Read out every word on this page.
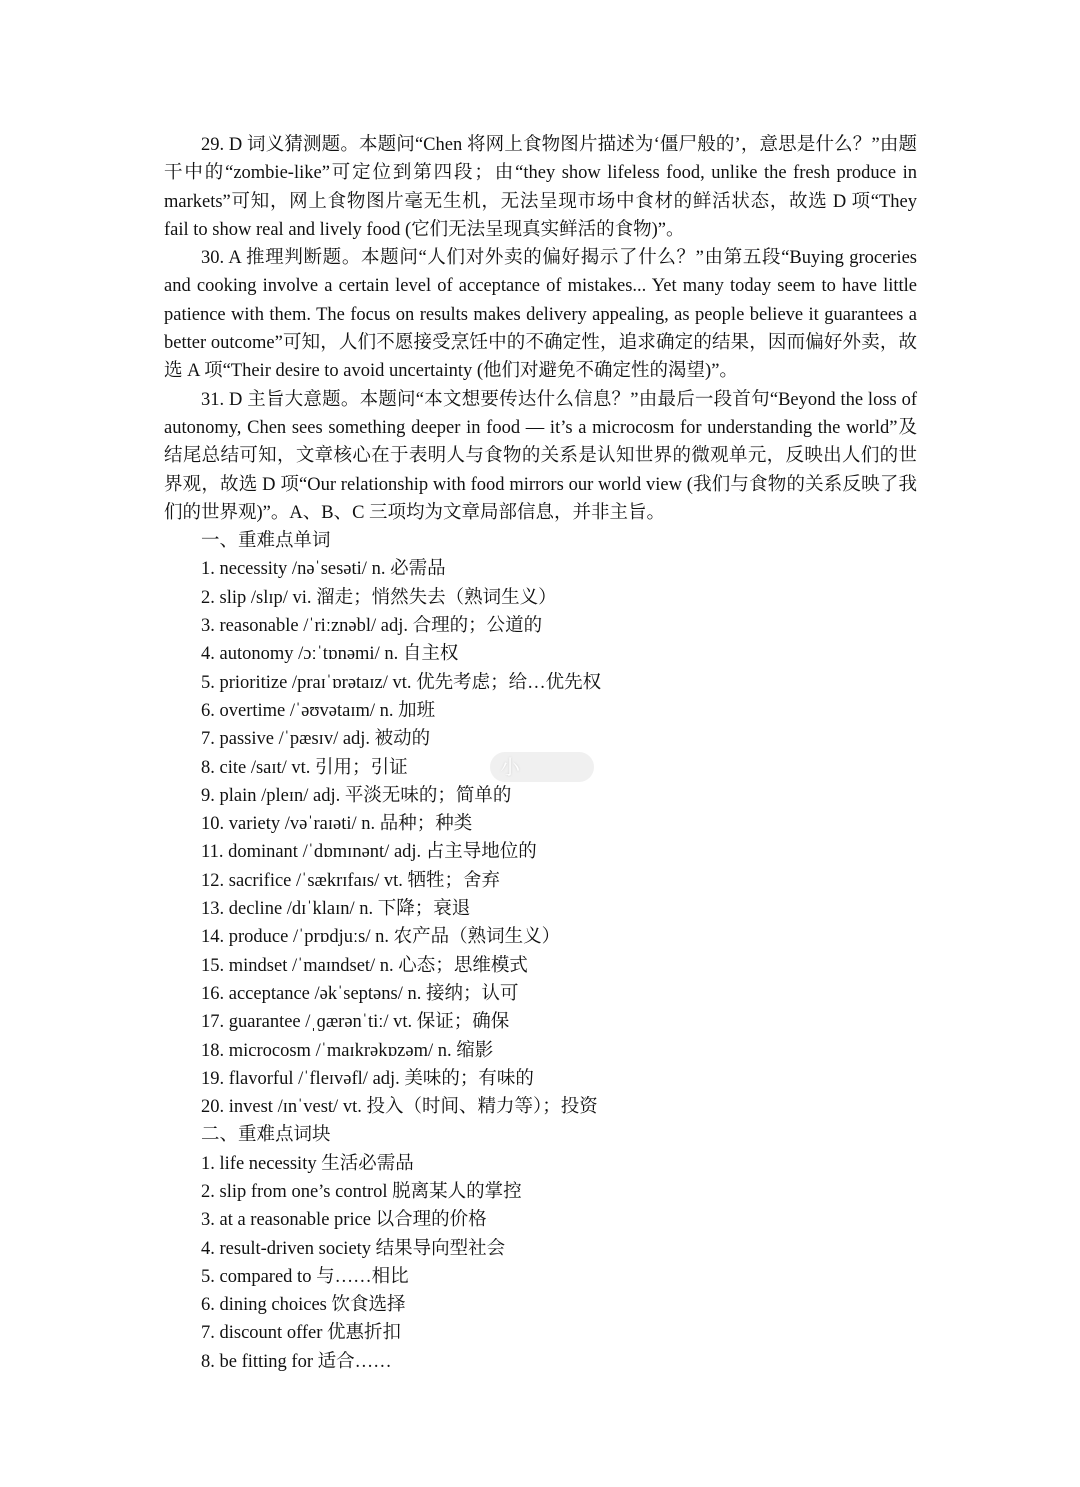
29. D 词义猜测题。本题问“Chen 将网上食物图片描述为‘僵尸般的’，意思是什么？”由题干中的“zombie-like”可定位到第四段；由“they show lifeless food, unlike the fresh produce in markets”可知，网上食物图片毫无生机，无法呈现市场中食材的鲜活状态，故选 D 项“They fail to show real and lively food (它们无法呈现真实鲜活的食物)”。

30. A 推理判断题。本题问“人们对外卖的偏好揭示了什么？”由第五段“Buying groceries and cooking involve a certain level of acceptance of mistakes... Yet many today seem to have little patience with them. The focus on results makes delivery appealing, as people believe it guarantees a better outcome”可知，人们不愿接受烹饪中的不确定性，追求确定的结果，因而偏好外卖，故选 A 项“Their desire to avoid uncertainty (他们对避免不确定性的渴望)”。

31. D 主旨大意题。本题问“本文想要传达什么信息？”由最后一段首句“Beyond the loss of autonomy, Chen sees something deeper in food — it’s a microcosm for understanding the world”及结尾总结可知，文章核心在于表明人与食物的关系是认知世界的微观单元，反映出人们的世界观，故选 D 项“Our relationship with food mirrors our world view (我们与食物的关系反映了我们的世界观)”。A、B、C 三项均为文章局部信息，并非主旨。

一、重难点单词
1. necessity /nəˈsesəti/ n. 必需品
2. slip /slɪp/ vi. 溜走；悄然失去（熟词生义）
3. reasonable /ˈriːznəbl/ adj. 合理的；公道的
4. autonomy /ɔːˈtɒnəmi/ n. 自主权
5. prioritize /praɪˈɒrətaɪz/ vt. 优先考虑；给…优先权
6. overtime /ˈəʊvətaɪm/ n. 加班
7. passive /ˈpæsɪv/ adj. 被动的
8. cite /saɪt/ vt. 引用；引证
9. plain /pleɪn/ adj. 平淡无味的；简单的
10. variety /vəˈraɪəti/ n. 品种；种类
11. dominant /ˈdɒmɪnənt/ adj. 占主导地位的
12. sacrifice /ˈsækrɪfaɪs/ vt. 牺牲；舍弃
13. decline /dɪˈklaɪn/ n. 下降；衰退
14. produce /ˈprɒdjuːs/ n. 农产品（熟词生义）
15. mindset /ˈmaɪndset/ n. 心态；思维模式
16. acceptance /əkˈseptəns/ n. 接纳；认可
17. guarantee /ˌɡærənˈtiː/ vt. 保证；确保
18. microcosm /ˈmaɪkrəkɒzəm/ n. 缩影
19. flavorful /ˈfleɪvəfl/ adj. 美味的；有味的
20. invest /ɪnˈvest/ vt. 投入（时间、精力等）；投资
二、重难点词块
1. life necessity 生活必需品
2. slip from one’s control 脱离某人的掌控
3. at a reasonable price 以合理的价格
4. result-driven society 结果导向型社会
5. compared to 与……相比
6. dining choices 饮食选择
7. discount offer 优惠折扣
8. be fitting for 适合……
小
